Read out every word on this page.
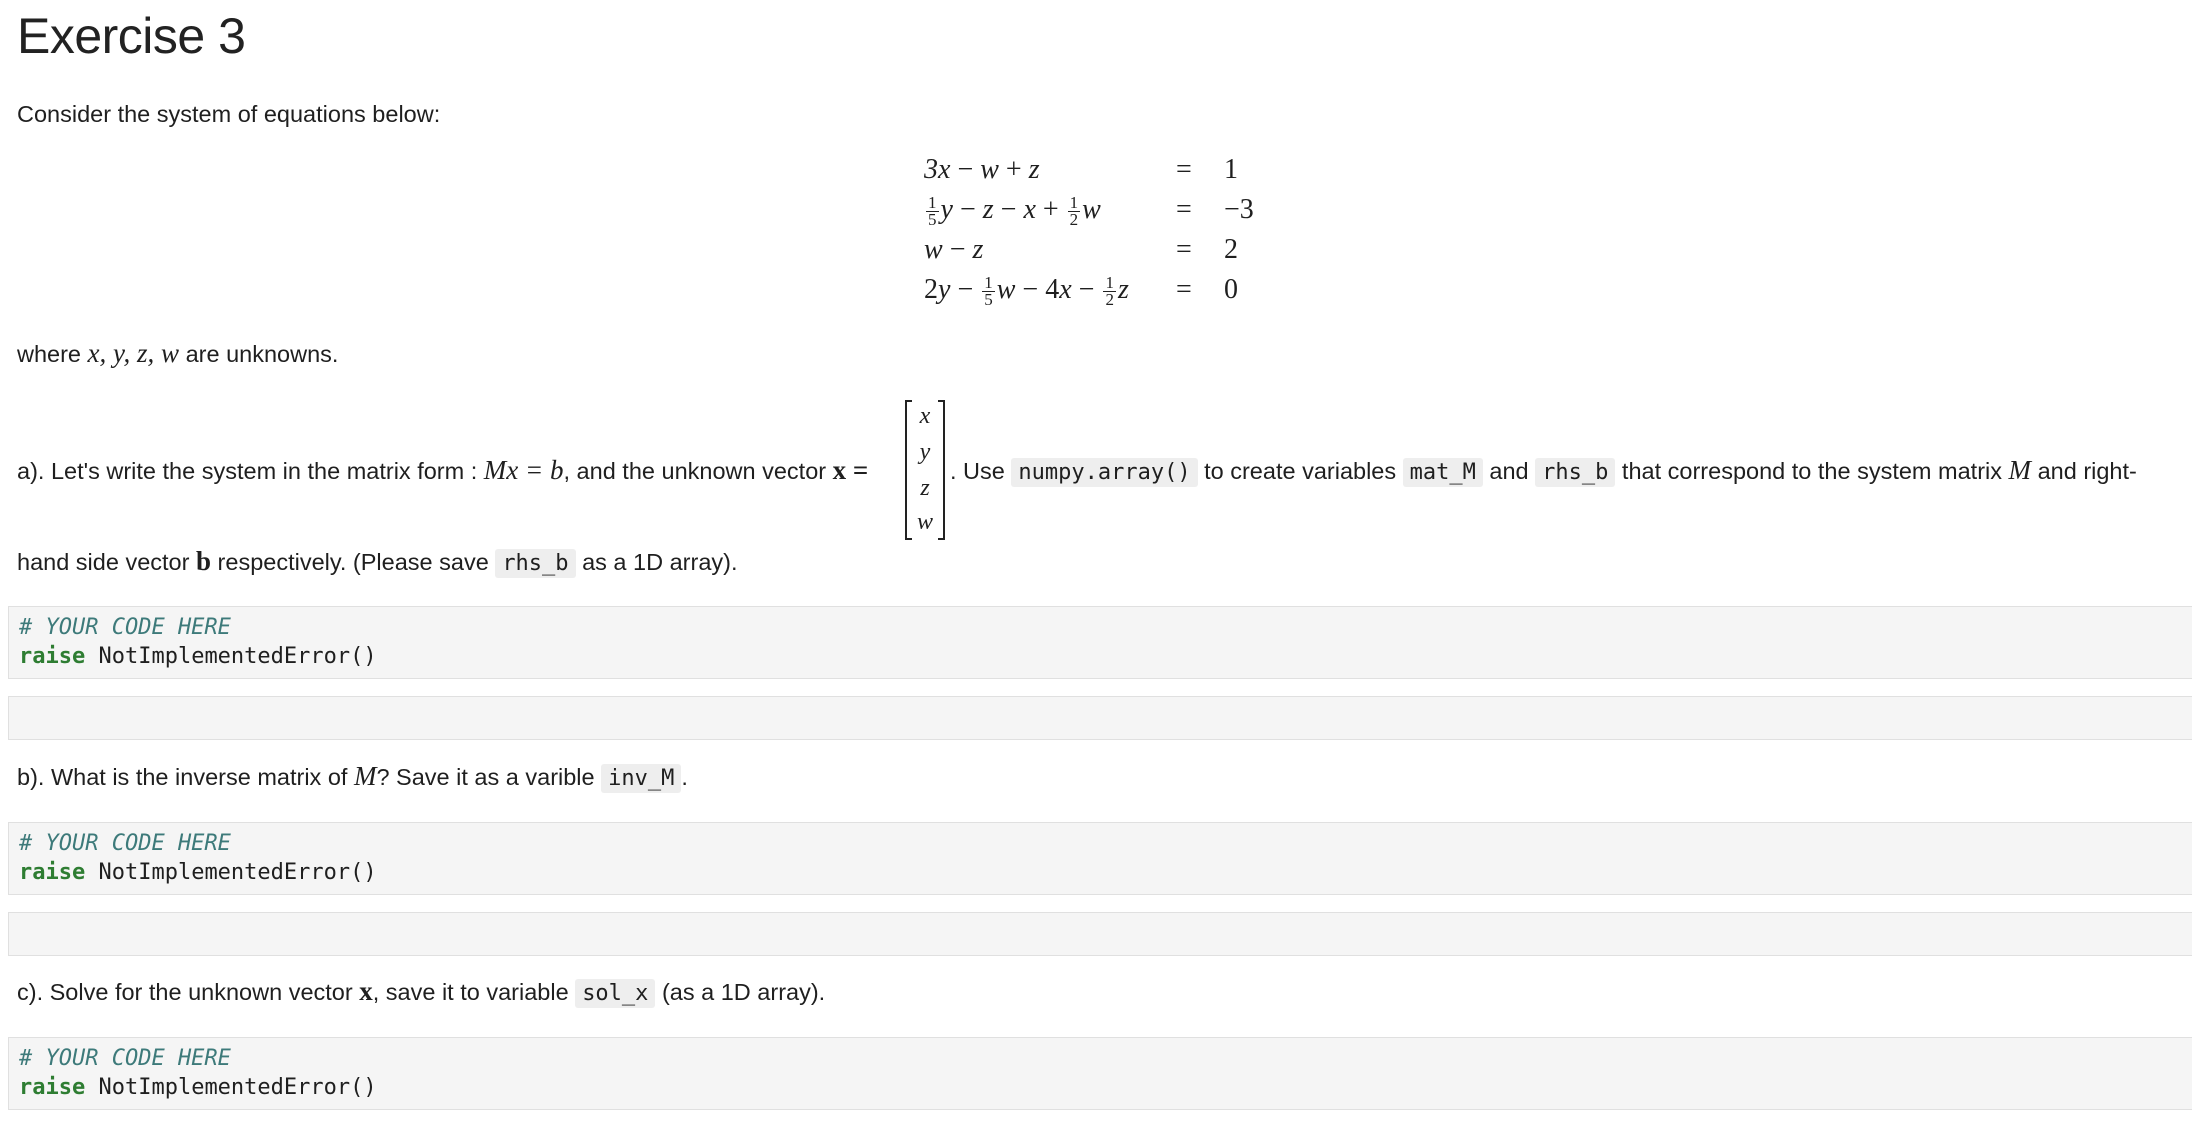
Exercise 3
Consider the system of equations below:
3x − w + z	= 1
$\frac{1}{5}$ $y - z - x + \frac{1}{2}$ w	= −3
w − z	= 2
$2y - \frac{1}{5}$ $w - 4x - \frac{1}{2}$ z = 0
where x, y, z, w are unknowns.
a). Let's write the system in the matrix form : Mx = b, and the unknown vector x =
x
y
z
w
. Use numpy.array() to create variables mat_M and rhs_b that correspond to the system matrix M and right-
hand side vector b respectively. (Please save rhs_b as a 1D array).
# YOUR CODE HERE
raise NotImplementedError()
b). What is the inverse matrix of M? Save it as a varible inv_M .
# YOUR CODE HERE
raise NotImplementedError()
c). Solve for the unknown vector x, save it to variable sol_x (as a 1D array).
# YOUR CODE HERE
raise NotImplementedError()
